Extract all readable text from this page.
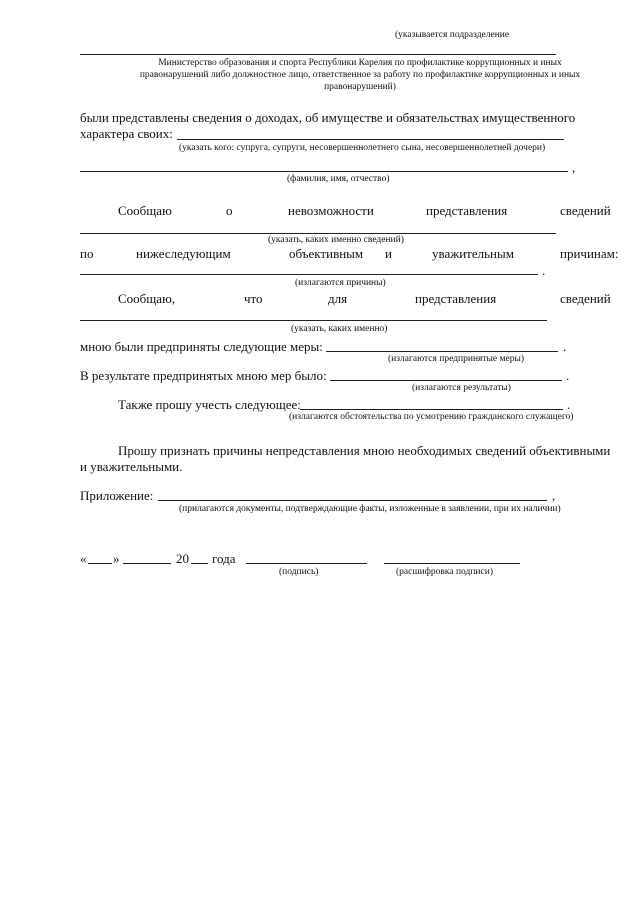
(указывается подразделение
Министерство образования и спорта Республики Карелия по профилактике коррупционных и иных
правонарушений либо должностное лицо, ответственное за работу по профилактике коррупционных и иных
правонарушений)
были представлены сведения о доходах, об имуществе и обязательствах имущественного
характера своих:
(указать кого: супруга, супруги, несовершеннолетнего сына, несовершеннолетней дочери)
,
(фамилия, имя, отчество)
Сообщаю	о	невозможности	представления	сведений
(указать, каких именно сведений)
по	нижеследующим	объективным и	уважительным	причинам:
.
(излагаются причины)
Сообщаю,	что	для	представления	сведений
(указать, каких именно)
мною были предприняты следующие меры:	.
(излагаются предпринятые меры)
В результате предпринятых мною мер было:	.
(излагаются результаты)
Также прошу учесть следующее:	.
(излагаются обстоятельства по усмотрению гражданского служащего)
Прошу признать причины непредставления мною необходимых сведений объективными
и уважительными.
Приложение:	,
(прилагаются документы, подтверждающие факты, изложенные в заявлении, при их наличии)
« »	20 года
(подпись)	(расшифровка подписи)
